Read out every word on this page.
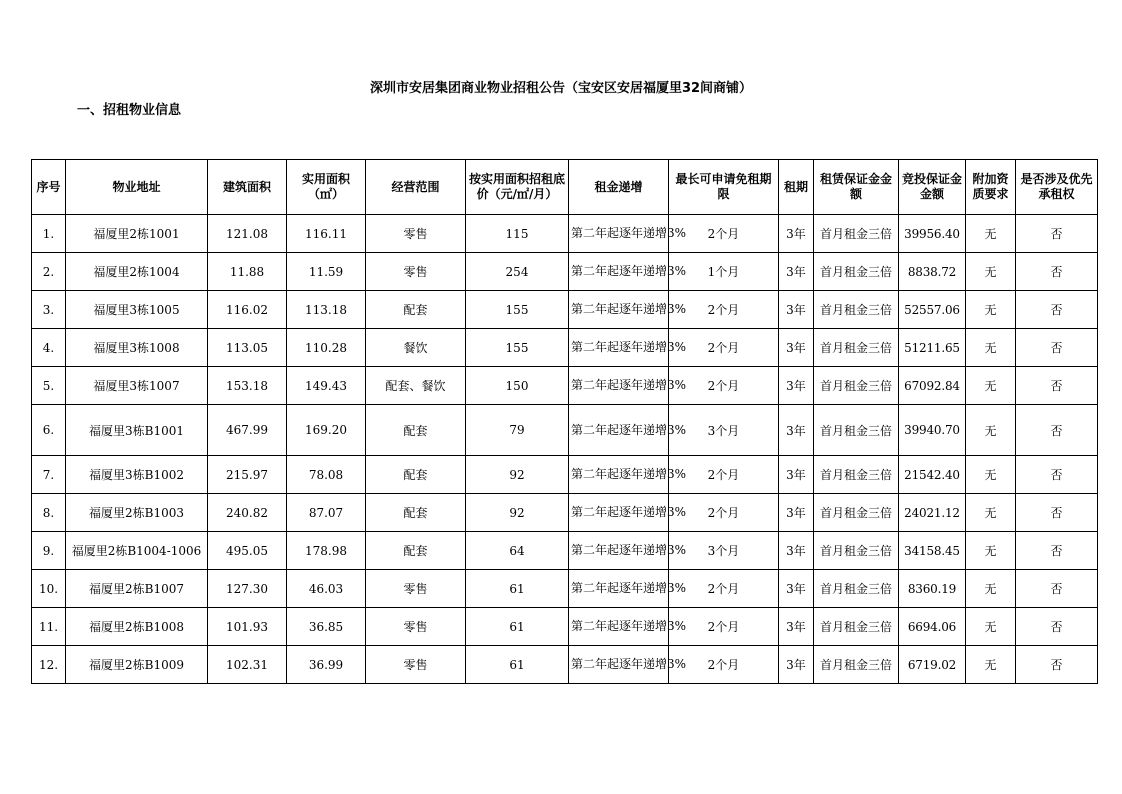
深圳市安居集团商业物业招租公告（宝安区安居福厦里32间商铺）
一、招租物业信息
序号	物业地址	建筑面积	实用面积（㎡）	经营范围	按实用面积招租底价（元/㎡/月）	租金递增	最长可申请免租期限	租期	租赁保证金金额	竞投保证金金额	附加资质要求	是否涉及优先承租权
1.	福厦里2栋1001	121.08	116.11	零售	115	第二年起逐年递增3%	2个月	3年	首月租金三倍	39956.40	无	否
2.	福厦里2栋1004	11.88	11.59	零售	254	第二年起逐年递增3%	1个月	3年	首月租金三倍	8838.72	无	否
3.	福厦里3栋1005	116.02	113.18	配套	155	第二年起逐年递增3%	2个月	3年	首月租金三倍	52557.06	无	否
4.	福厦里3栋1008	113.05	110.28	餐饮	155	第二年起逐年递增3%	2个月	3年	首月租金三倍	51211.65	无	否
5.	福厦里3栋1007	153.18	149.43	配套、餐饮	150	第二年起逐年递增3%	2个月	3年	首月租金三倍	67092.84	无	否
6.	福厦里3栋B1001	467.99	169.20	配套	79	第二年起逐年递增3%	3个月	3年	首月租金三倍	39940.70	无	否
7.	福厦里3栋B1002	215.97	78.08	配套	92	第二年起逐年递增3%	2个月	3年	首月租金三倍	21542.40	无	否
8.	福厦里2栋B1003	240.82	87.07	配套	92	第二年起逐年递增3%	2个月	3年	首月租金三倍	24021.12	无	否
9.	福厦里2栋B1004-1006	495.05	178.98	配套	64	第二年起逐年递增3%	3个月	3年	首月租金三倍	34158.45	无	否
10.	福厦里2栋B1007	127.30	46.03	零售	61	第二年起逐年递增3%	2个月	3年	首月租金三倍	8360.19	无	否
11.	福厦里2栋B1008	101.93	36.85	零售	61	第二年起逐年递增3%	2个月	3年	首月租金三倍	6694.06	无	否
12.	福厦里2栋B1009	102.31	36.99	零售	61	第二年起逐年递增3%	2个月	3年	首月租金三倍	6719.02	无	否
